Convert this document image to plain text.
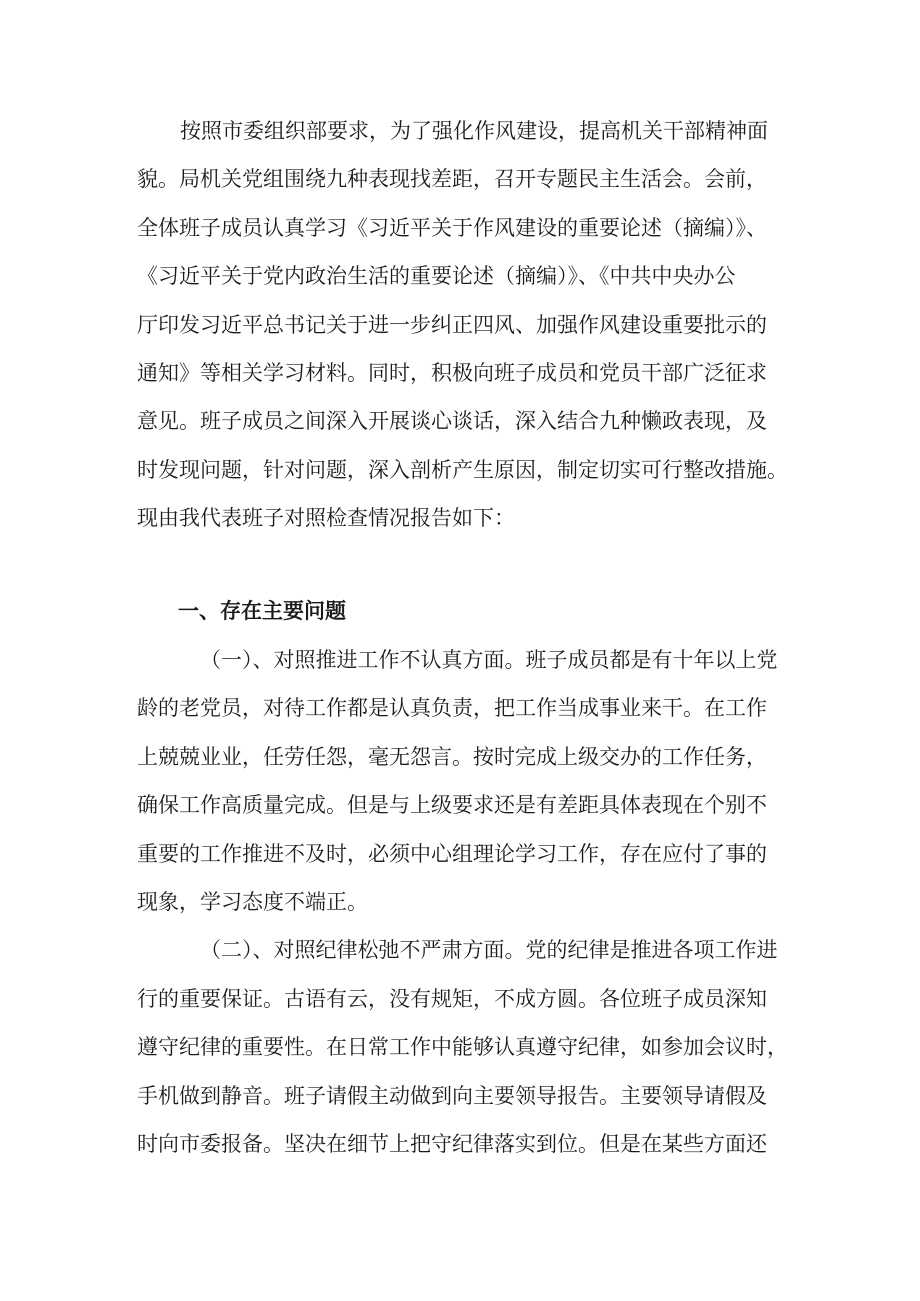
按照市委组织部要求，为了强化作风建设，提高机关干部精神面
貌。局机关党组围绕九种表现找差距，召开专题民主生活会。会前，
全体班子成员认真学习《习近平关于作风建设的重要论述（摘编）》、
《习近平关于党内政治生活的重要论述（摘编）》、《中共中央办公
厅印发习近平总书记关于进一步纠正四风、加强作风建设重要批示的
通知》等相关学习材料。同时，积极向班子成员和党员干部广泛征求
意见。班子成员之间深入开展谈心谈话，深入结合九种懒政表现，及
时发现问题，针对问题，深入剖析产生原因，制定切实可行整改措施。
现由我代表班子对照检查情况报告如下：
一、存在主要问题
（一）、对照推进工作不认真方面。班子成员都是有十年以上党
龄的老党员，对待工作都是认真负责，把工作当成事业来干。在工作
上兢兢业业，任劳任怨，毫无怨言。按时完成上级交办的工作任务，
确保工作高质量完成。但是与上级要求还是有差距具体表现在个别不
重要的工作推进不及时，必须中心组理论学习工作，存在应付了事的
现象，学习态度不端正。
（二）、对照纪律松弛不严肃方面。党的纪律是推进各项工作进
行的重要保证。古语有云，没有规矩，不成方圆。各位班子成员深知
遵守纪律的重要性。在日常工作中能够认真遵守纪律，如参加会议时，
手机做到静音。班子请假主动做到向主要领导报告。主要领导请假及
时向市委报备。坚决在细节上把守纪律落实到位。但是在某些方面还
